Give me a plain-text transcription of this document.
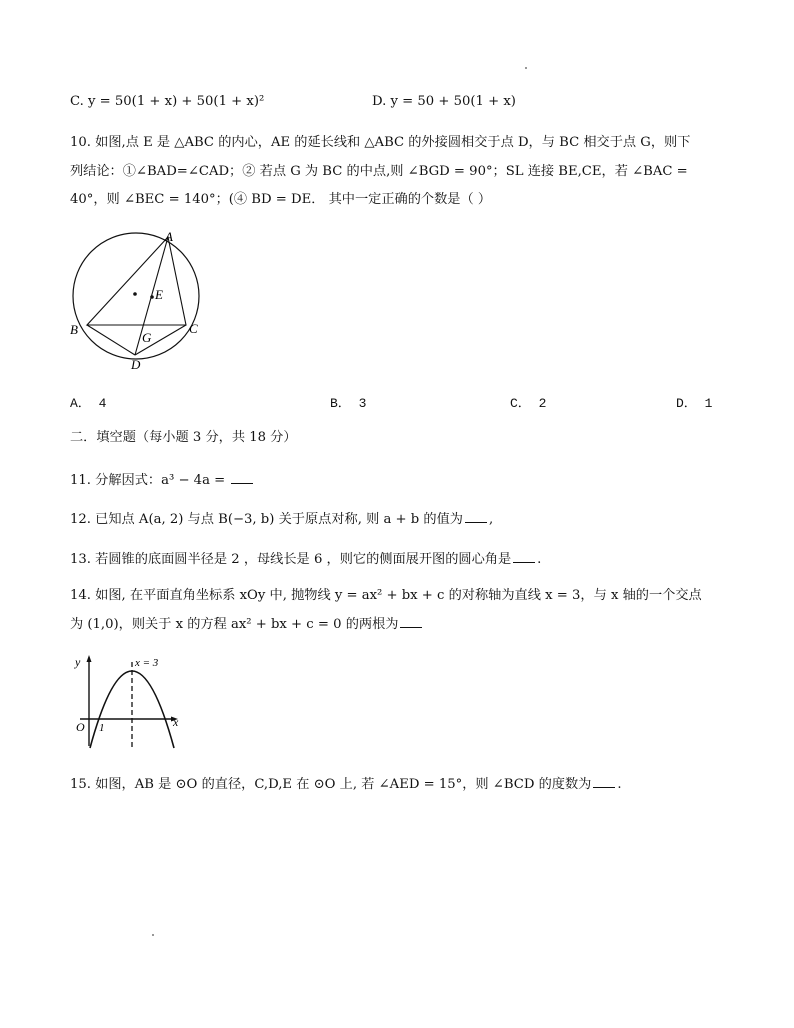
C. y = 50(1 + x) + 50(1 + x)²	D. y = 50 + 50(1 + x)
10. 如图,点 E 是 △ABC 的内心，AE 的延长线和 △ABC 的外接圆相交于点 D，与 BC 相交于点 G，则下
列结论：①∠BAD=∠CAD；② 若点 G 为 BC 的中点,则 ∠BGD = 90°；SL 连接 BE,CE，若 ∠BAC =
40°，则 ∠BEC = 140°；(④ BD = DE． 其中一定正确的个数是（ ）
A
B	C
D
E
G
A． 4	B． 3	C． 2	D． 1
二．填空题（每小题 3 分，共 18 分）
11. 分解因式：a³ − 4a =
12. 已知点 A(a, 2) 与点 B(−3, b) 关于原点对称, 则 a + b 的值为 ,
13. 若圆锥的底面圆半径是 2 ，母线长是 6 ，则它的侧面展开图的圆心角是 .
14. 如图, 在平面直角坐标系 xOy 中, 抛物线 y = ax² + bx + c 的对称轴为直线 x = 3，与 x 轴的一个交点
为 (1,0)，则关于 x 的方程 ax² + bx + c = 0 的两根为
y
x
O 1
x = 3
15. 如图，AB 是 ⊙O 的直径，C,D,E 在 ⊙O 上, 若 ∠AED = 15°，则 ∠BCD 的度数为 .
